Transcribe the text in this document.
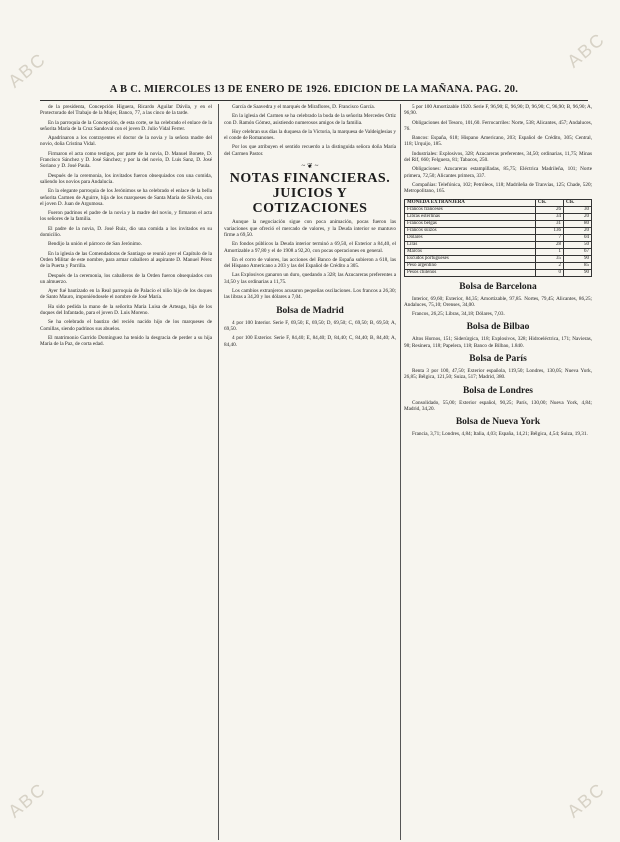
ABC	ABC
ABC	ABC
A B C. MIERCOLES 13 DE ENERO DE 1926. EDICION DE LA MAÑANA. PAG. 20.

de la presidenta, Concepción Higuera, Ricardo Aguilar Dávila, y en el Protectorado del Trabajo de la Mujer, Banco, 77, a las cinco de la tarde.

En la parroquia de la Concepción, de esta corte, se ha celebrado el enlace de la señorita María de la Cruz Sandoval con el joven D. Julio Vidal Ferrer.

Apadrinaron a los contrayentes el doctor de la novia y la señora madre del novio, doña Cristina Vidal.

Firmaron el acta como testigos, por parte de la novia, D. Manuel Bonete, D. Francisco Sánchez y D. José Sánchez; y por la del novio, D. Luis Sanz, D. José Soriano y D. José Paula.

Después de la ceremonia, los invitados fueron obsequiados con una comida, saliendo los novios para Andalucía.

En la elegante parroquia de los Jerónimos se ha celebrado el enlace de la bella señorita Carmen de Aguirre, hija de los marqueses de Santa María de Silvela, con el joven D. Juan de Argumosa.

Fueron padrinos el padre de la novia y la madre del novio, y firmaron el acta los señores de la familia.

El padre de la novia, D. José Ruiz, dio una comida a los invitados en su domicilio.

Bendijo la unión el párroco de San Jerónimo.

En la iglesia de las Comendadoras de Santiago se reunió ayer el Capítulo de la Orden Militar de este nombre, para armar caballero al aspirante D. Manuel Pérez de la Puerta y Parrilla.

Después de la ceremonia, los caballeros de la Orden fueron obsequiados con un almuerzo.

Ayer fué bautizado en la Real parroquia de Palacio el niño hijo de los duques de Santo Mauro, imponiéndosele el nombre de José María.

Ha sido pedida la mano de la señorita María Luisa de Arteaga, hija de los duques del Infantado, para el joven D. Luis Moreno.

Se ha celebrado el bautizo del recién nacido hijo de los marqueses de Comillas, siendo padrinos sus abuelos.

El matrimonio Garrido Domínguez ha tenido la desgracia de perder a su hija María de la Paz, de corta edad.

García de Saavedra y el marqués de Miraflores, D. Francisco García.

En la iglesia del Carmen se ha celebrado la boda de la señorita Mercedes Ortiz con D. Ramón Gómez, asistiendo numerosos amigos de la familia.

Hoy celebran sus días la duquesa de la Victoria, la marquesa de Valdeiglesias y el conde de Romanones.

Por los que atribuyen el sentido recuerdo a la distinguida señora doña María del Carmen Pastor.

~ ❦ ~

NOTAS FINANCIERAS. JUICIOS Y COTIZACIONES

Aunque la negociación sigue con poca animación, pocas fueron las variaciones que ofreció el mercado de valores, y la Deuda interior se mantuvo firme a 69,50.

En fondos públicos la Deuda interior terminó a 69,50, el Exterior a 84,40, el Amortizable a 97,80 y el de 1908 a 92,20, con pocas operaciones en general.

En el corro de valores, las acciones del Banco de España subieron a 618, las del Hispano Americano a 203 y las del Español de Crédito a 305.

Las Explosivos ganaron un duro, quedando a 328; las Azucareras preferentes a 34,50 y las ordinarias a 11,75.

Los cambios extranjeros acusaron pequeñas oscilaciones. Los francos a 26,30; las libras a 34,20 y los dólares a 7,04.

Bolsa de Madrid

4 por 100 Interior. Serie F, 69,50; E, 69,50; D, 69,50; C, 69,50; B, 69,50; A, 69,50.

4 por 100 Exterior. Serie F, 84,40; E, 84,40; D, 84,40; C, 84,40; B, 84,40; A, 84,40.

5 por 100 Amortizable 1920. Serie F, 96,90; E, 96,90; D, 96,90; C, 96,90; B, 96,90; A, 96,90.

Obligaciones del Tesoro, 101,60. Ferrocarriles: Norte, 538; Alicantes, 457; Andaluces, 76.

Bancos: España, 618; Hispano Americano, 203; Español de Crédito, 305; Central, 118; Urquijo, 185.

Industriales: Explosivos, 328; Azucareras preferentes, 34,50; ordinarias, 11,75; Minas del Rif, 660; Felguera, 81; Tabacos, 250.

Obligaciones: Azucareras estampilladas, 85,75; Eléctrica Madrileña, 101; Norte primera, 72,50; Alicantes primera, 337.

Compañías: Telefónica, 102; Petróleos, 118; Madrileña de Tranvías, 125; Chade, 520; Metropolitano, 165.

MONEDA EXTRANJERA	Cts.	Cts.
Francos franceses	26	30
Libras esterlinas	34	20
Francos belgas	31	80
Francos suizos	136	20
Dólares	7	04
Liras	28	50
Marcos	1	67
Escudos portugueses	35	90
Peso argentino	2	85
Pesos chilenos	0	90
Bolsa de Barcelona

Interior, 69,60; Exterior, 84,35; Amortizable, 97,85. Nortes, 79,45; Alicantes, 86,25; Andaluces, 75,10; Orenses, 34,00.

Francos, 26,25; Libras, 34,18; Dólares, 7,03.

Bolsa de Bilbao

Altos Hornos, 151; Siderúrgica, 118; Explosivos, 328; Hidroeléctrica, 171; Navieras, 98; Resinera, 118; Papelera, 118; Banco de Bilbao, 1.840.

Bolsa de París

Renta 3 por 100, 47,50; Exterior española, 119,50; Londres, 130,05; Nueva York, 26,85; Bélgica, 121,50; Suiza, 517; Madrid, 380.

Bolsa de Londres

Consolidado, 55,00; Exterior español, 90,25; París, 130,00; Nueva York, 4,84; Madrid, 34,20.

Bolsa de Nueva York

Francia, 3,71; Londres, 4,84; Italia, 4,03; España, 14,21; Bélgica, 4,54; Suiza, 19,31.
